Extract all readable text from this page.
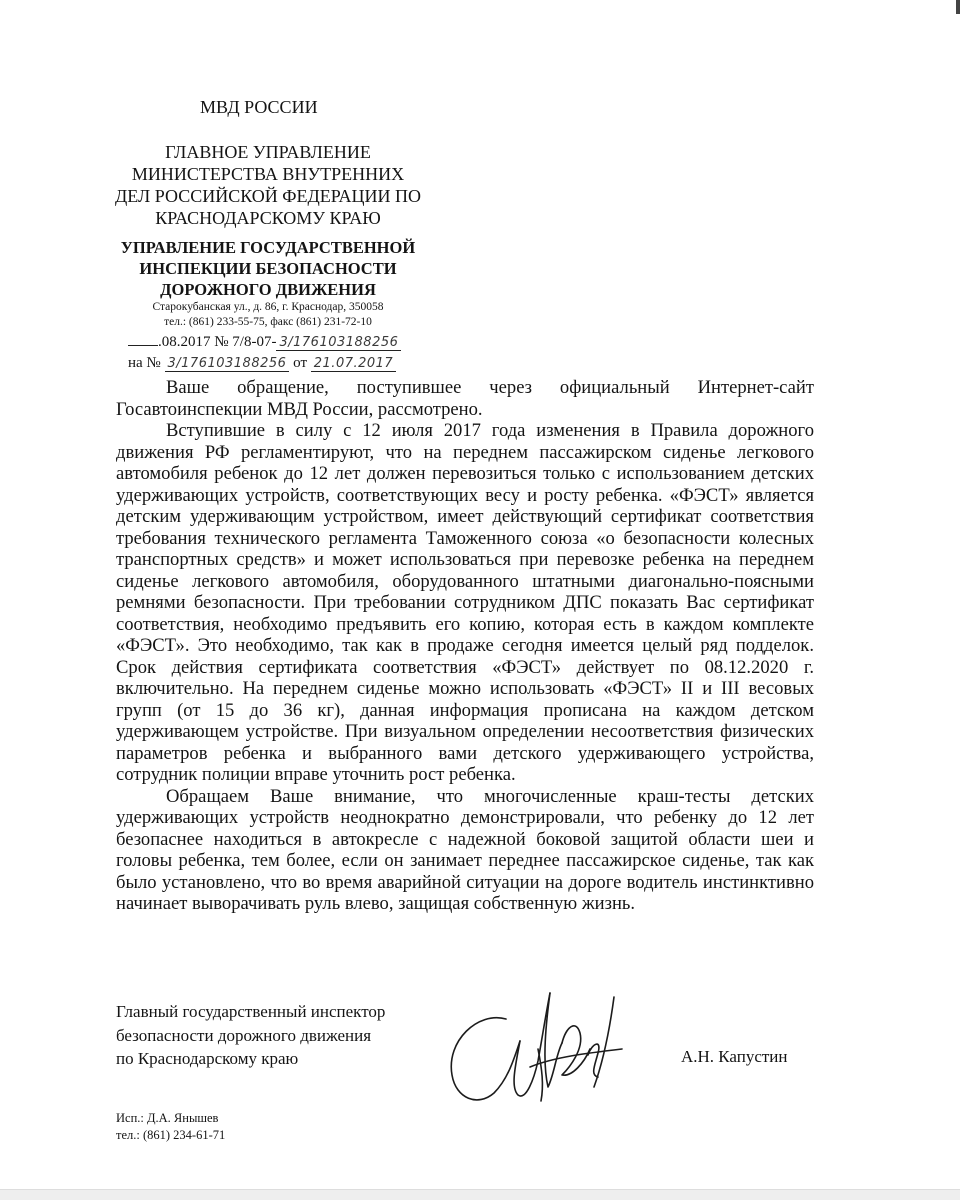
МВД РОССИИ
ГЛАВНОЕ УПРАВЛЕНИЕ
МИНИСТЕРСТВА ВНУТРЕННИХ
ДЕЛ РОССИЙСКОЙ ФЕДЕРАЦИИ ПО
КРАСНОДАРСКОМУ КРАЮ
УПРАВЛЕНИЕ ГОСУДАРСТВЕННОЙ
ИНСПЕКЦИИ БЕЗОПАСНОСТИ
ДОРОЖНОГО ДВИЖЕНИЯ
Старокубанская ул., д. 86, г. Краснодар, 350058
тел.: (861) 233-55-75, факс (861) 231-72-10
.08.2017 № 7/8-07- 3/176103188256
на № 3/176103188256 от 21.07.2017

Ваше обращение, поступившее через официальный Интернет-сайт Госавтоинспекции МВД России, рассмотрено.

Вступившие в силу с 12 июля 2017 года изменения в Правила дорожного движения РФ регламентируют, что на переднем пассажирском сиденье легкового автомобиля ребенок до 12 лет должен перевозиться только с использованием детских удерживающих устройств, соответствующих весу и росту ребенка. «ФЭСТ» является детским удерживающим устройством, имеет действующий сертификат соответствия требования технического регламента Таможенного союза «о безопасности колесных транспортных средств» и может использоваться при перевозке ребенка на переднем сиденье легкового автомобиля, оборудованного штатными диагонально-поясными ремнями безопасности. При требовании сотрудником ДПС показать Вас сертификат соответствия, необходимо предъявить его копию, которая есть в каждом комплекте «ФЭСТ». Это необходимо, так как в продаже сегодня имеется целый ряд подделок. Срок действия сертификата соответствия «ФЭСТ» действует по 08.12.2020 г. включительно. На переднем сиденье можно использовать «ФЭСТ» II и III весовых групп (от 15 до 36 кг), данная информация прописана на каждом детском удерживающем устройстве. При визуальном определении несоответствия физических параметров ребенка и выбранного вами детского удерживающего устройства, сотрудник полиции вправе уточнить рост ребенка.

Обращаем Ваше внимание, что многочисленные краш-тесты детских удерживающих устройств неоднократно демонстрировали, что ребенку до 12 лет безопаснее находиться в автокресле с надежной боковой защитой области шеи и головы ребенка, тем более, если он занимает переднее пассажирское сиденье, так как было установлено, что во время аварийной ситуации на дороге водитель инстинктивно начинает выворачивать руль влево, защищая собственную жизнь.

Главный государственный инспектор
безопасности дорожного движения
по Краснодарскому краю	А.Н. Капустин
Исп.: Д.А. Янышев
тел.: (861) 234-61-71
